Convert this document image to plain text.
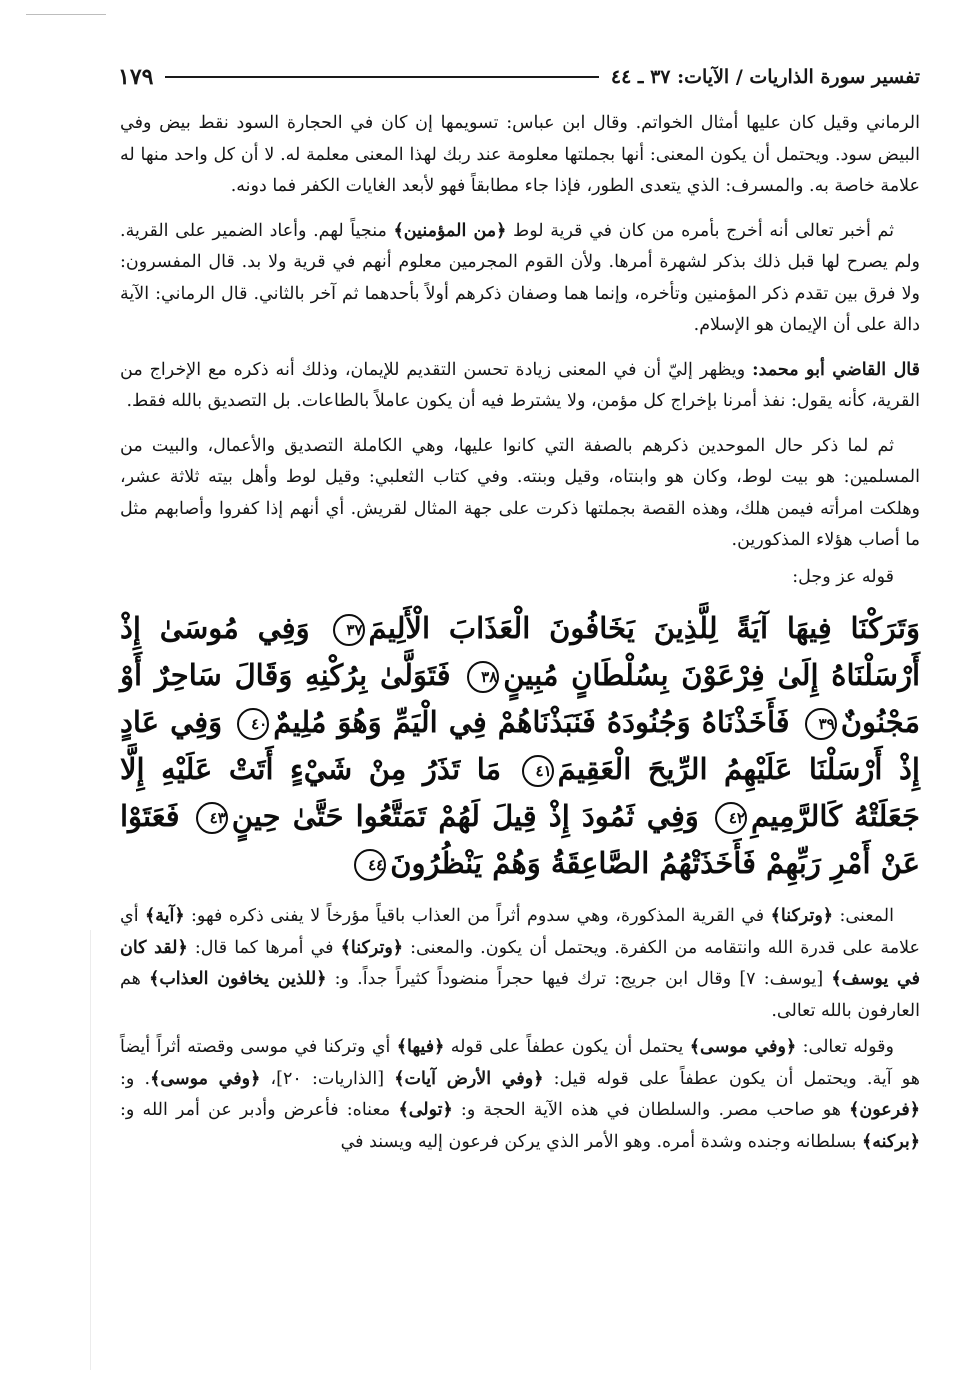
تفسير سورة الذاريات / الآيات: ٣٧ ـ ٤٤
١٧٩

الرماني وقيل كان عليها أمثال الخواتم. وقال ابن عباس: تسويمها إن كان في الحجارة السود نقط بيض وفي البيض سود. ويحتمل أن يكون المعنى: أنها بجملتها معلومة عند ربك لهذا المعنى معلمة له. لا أن كل واحد منها له علامة خاصة به. والمسرف: الذي يتعدى الطور، فإذا جاء مطابقاً فهو لأبعد الغايات الكفر فما دونه.

ثم أخبر تعالى أنه أخرج بأمره من كان في قرية لوط ﴿من المؤمنين﴾ منجياً لهم. وأعاد الضمير على القرية. ولم يصرح لها قبل ذلك بذكر لشهرة أمرها. ولأن القوم المجرمين معلوم أنهم في قرية ولا بد. قال المفسرون: ولا فرق بين تقدم ذكر المؤمنين وتأخره، وإنما هما وصفان ذكرهم أولاً بأحدهما ثم آخر بالثاني. قال الرماني: الآية دالة على أن الإيمان هو الإسلام.

قال القاضي أبو محمد: ويظهر إليّ أن في المعنى زيادة تحسن التقديم للإيمان، وذلك أنه ذكره مع الإخراج من القرية، كأنه يقول: نفذ أمرنا بإخراج كل مؤمن، ولا يشترط فيه أن يكون عاملاً بالطاعات. بل التصديق بالله فقط.

ثم لما ذكر حال الموحدين ذكرهم بالصفة التي كانوا عليها، وهي الكاملة التصديق والأعمال، والبيت من المسلمين: هو بيت لوط، وكان هو وابنتاه، وقيل وبنته. وفي كتاب الثعلبي: وقيل لوط وأهل بيته ثلاثة عشر، وهلكت امرأته فيمن هلك، وهذه القصة بجملتها ذكرت على جهة المثال لقريش. أي أنهم إذا كفروا وأصابهم مثل ما أصاب هؤلاء المذكورين.

قوله عز وجل:

وَتَرَكْنَا فِيهَا آيَةً لِلَّذِينَ يَخَافُونَ الْعَذَابَ الْأَلِيمَ٣٧ وَفِي مُوسَىٰ إِذْ أَرْسَلْنَاهُ إِلَىٰ فِرْعَوْنَ بِسُلْطَانٍ مُبِينٍ٣٨ فَتَوَلَّىٰ بِرُكْنِهِ وَقَالَ سَاحِرٌ أَوْ مَجْنُونٌ٣٩ فَأَخَذْنَاهُ وَجُنُودَهُ فَنَبَذْنَاهُمْ فِي الْيَمِّ وَهُوَ مُلِيمٌ٤٠ وَفِي عَادٍ إِذْ أَرْسَلْنَا عَلَيْهِمُ الرِّيحَ الْعَقِيمَ٤١ مَا تَذَرُ مِنْ شَيْءٍ أَتَتْ عَلَيْهِ إِلَّا جَعَلَتْهُ كَالرَّمِيمِ٤٢ وَفِي ثَمُودَ إِذْ قِيلَ لَهُمْ تَمَتَّعُوا حَتَّىٰ حِينٍ٤٣ فَعَتَوْا عَنْ أَمْرِ رَبِّهِمْ فَأَخَذَتْهُمُ الصَّاعِقَةُ وَهُمْ يَنْظُرُونَ٤٤

المعنى: ﴿وتركنا﴾ في القرية المذكورة، وهي سدوم أثراً من العذاب باقياً مؤرخاً لا يفنى ذكره فهو: ﴿آية﴾ أي علامة على قدرة الله وانتقامه من الكفرة. ويحتمل أن يكون. والمعنى: ﴿وتركنا﴾ في أمرها كما قال: ﴿لقد كان في يوسف﴾ [يوسف: ٧] وقال ابن جريج: ترك فيها حجراً منضوداً كثيراً جداً. و: ﴿للذين يخافون العذاب﴾ هم العارفون بالله تعالى.

وقوله تعالى: ﴿وفي موسى﴾ يحتمل أن يكون عطفاً على قوله ﴿فيها﴾ أي وتركنا في موسى وقصته أثراً أيضاً هو آية. ويحتمل أن يكون عطفاً على قوله قيل: ﴿وفي الأرض آيات﴾ [الذاريات: ٢٠]، ﴿وفي موسى﴾. و: ﴿فرعون﴾ هو صاحب مصر. والسلطان في هذه الآية الحجة و: ﴿تولى﴾ معناه: فأعرض وأدبر عن أمر الله و: ﴿بركنه﴾ بسلطانه وجنده وشدة أمره. وهو الأمر الذي يركن فرعون إليه ويسند في
